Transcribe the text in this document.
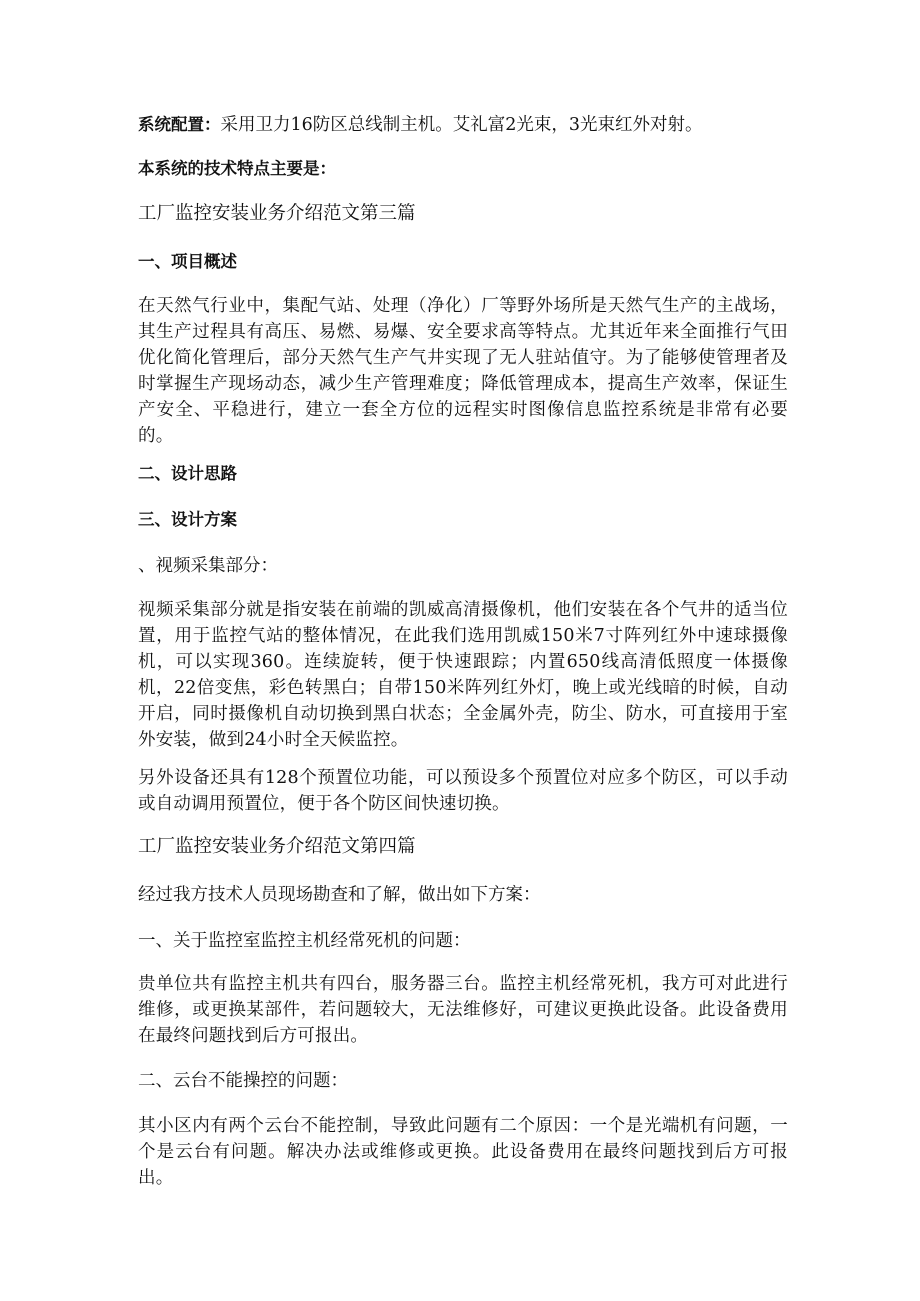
系统配置：采用卫力16防区总线制主机。艾礼富2光束，3光束红外对射。

本系统的技术特点主要是：

工厂监控安装业务介绍范文第三篇

一、项目概述

在天然气行业中，集配气站、处理（净化）厂等野外场所是天然气生产的主战场，其生产过程具有高压、易燃、易爆、安全要求高等特点。尤其近年来全面推行气田优化简化管理后，部分天然气生产气井实现了无人驻站值守。为了能够使管理者及时掌握生产现场动态，减少生产管理难度；降低管理成本，提高生产效率，保证生产安全、平稳进行，建立一套全方位的远程实时图像信息监控系统是非常有必要的。

二、设计思路

三、设计方案

、视频采集部分：

视频采集部分就是指安装在前端的凯威高清摄像机，他们安装在各个气井的适当位置，用于监控气站的整体情况，在此我们选用凯威150米7寸阵列红外中速球摄像机，可以实现360。连续旋转，便于快速跟踪；内置650线高清低照度一体摄像机，22倍变焦，彩色转黑白；自带150米阵列红外灯，晚上或光线暗的时候，自动开启，同时摄像机自动切换到黑白状态；全金属外壳，防尘、防水，可直接用于室外安装，做到24小时全天候监控。

另外设备还具有128个预置位功能，可以预设多个预置位对应多个防区，可以手动或自动调用预置位，便于各个防区间快速切换。

工厂监控安装业务介绍范文第四篇

经过我方技术人员现场勘查和了解，做出如下方案：

一、关于监控室监控主机经常死机的问题：

贵单位共有监控主机共有四台，服务器三台。监控主机经常死机，我方可对此进行维修，或更换某部件，若问题较大，无法维修好，可建议更换此设备。此设备费用在最终问题找到后方可报出。

二、云台不能操控的问题：

其小区内有两个云台不能控制，导致此问题有二个原因：一个是光端机有问题，一个是云台有问题。解决办法或维修或更换。此设备费用在最终问题找到后方可报出。
